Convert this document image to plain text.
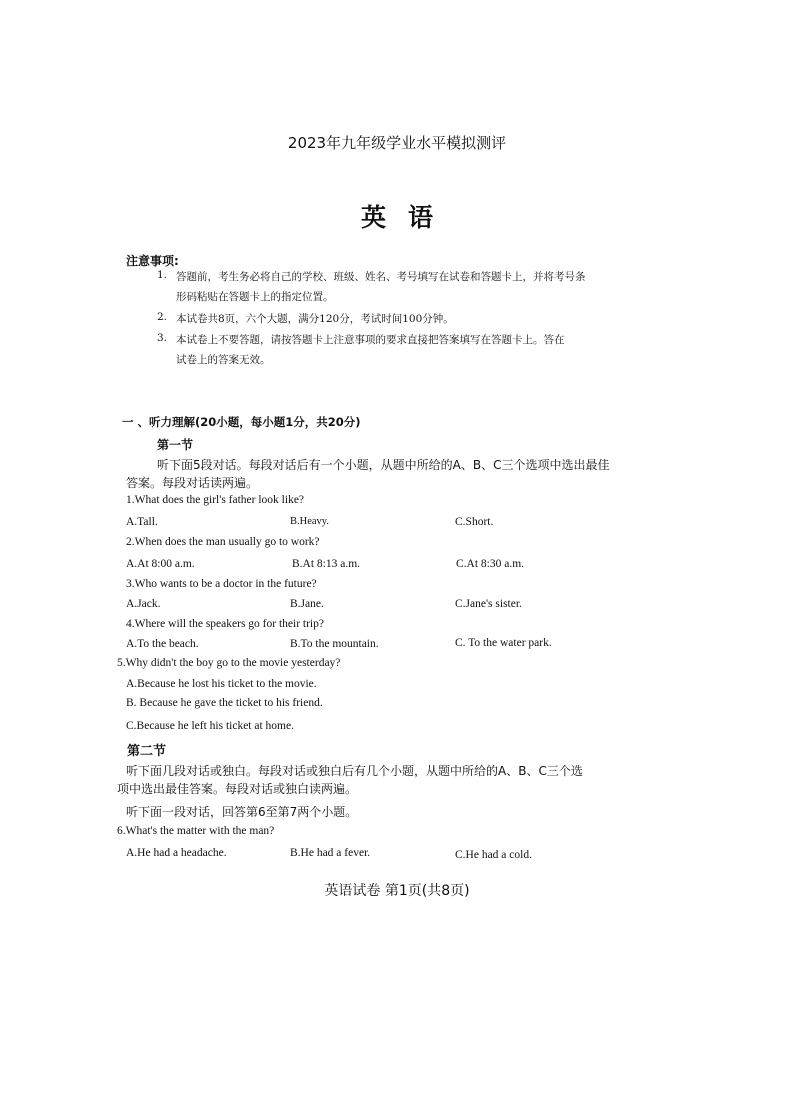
2023年九年级学业水平模拟测评
英语
注意事项:
1. 答题前，考生务必将自己的学校、班级、姓名、考号填写在试卷和答题卡上，并将考号条
形码粘贴在答题卡上的指定位置。
2. 本试卷共8页，六个大题，满分120分，考试时间100分钟。
3. 本试卷上不要答题，请按答题卡上注意事项的要求直接把答案填写在答题卡上。答在
试卷上的答案无效。
一 、听力理解(20小题，每小题1分，共20分)
第一节
听下面5段对话。每段对话后有一个小题，从题中所给的A、B、C三个选项中选出最佳
答案。每段对话读两遍。
1.What does the girl's father look like?
A.Tall.	B.Heavy.	C.Short.
2.When does the man usually go to work?
A.At 8:00 a.m.	B.At 8:13 a.m.	C.At 8:30 a.m.
3.Who wants to be a doctor in the future?
A.Jack.	B.Jane.	C.Jane's sister.
4.Where will the speakers go for their trip?
A.To the beach.	B.To the mountain.	C. To the water park.
5.Why didn't the boy go to the movie yesterday?
A.Because he lost his ticket to the movie.
B. Because he gave the ticket to his friend.
C.Because he left his ticket at home.
第二节
听下面几段对话或独白。每段对话或独白后有几个小题，从题中所给的A、B、C三个选
项中选出最佳答案。每段对话或独白读两遍。
听下面一段对话，回答第6至第7两个小题。
6.What's the matter with the man?
A.He had a headache.	B.He had a fever.	C.He had a cold.
英语试卷 第1页(共8页)
